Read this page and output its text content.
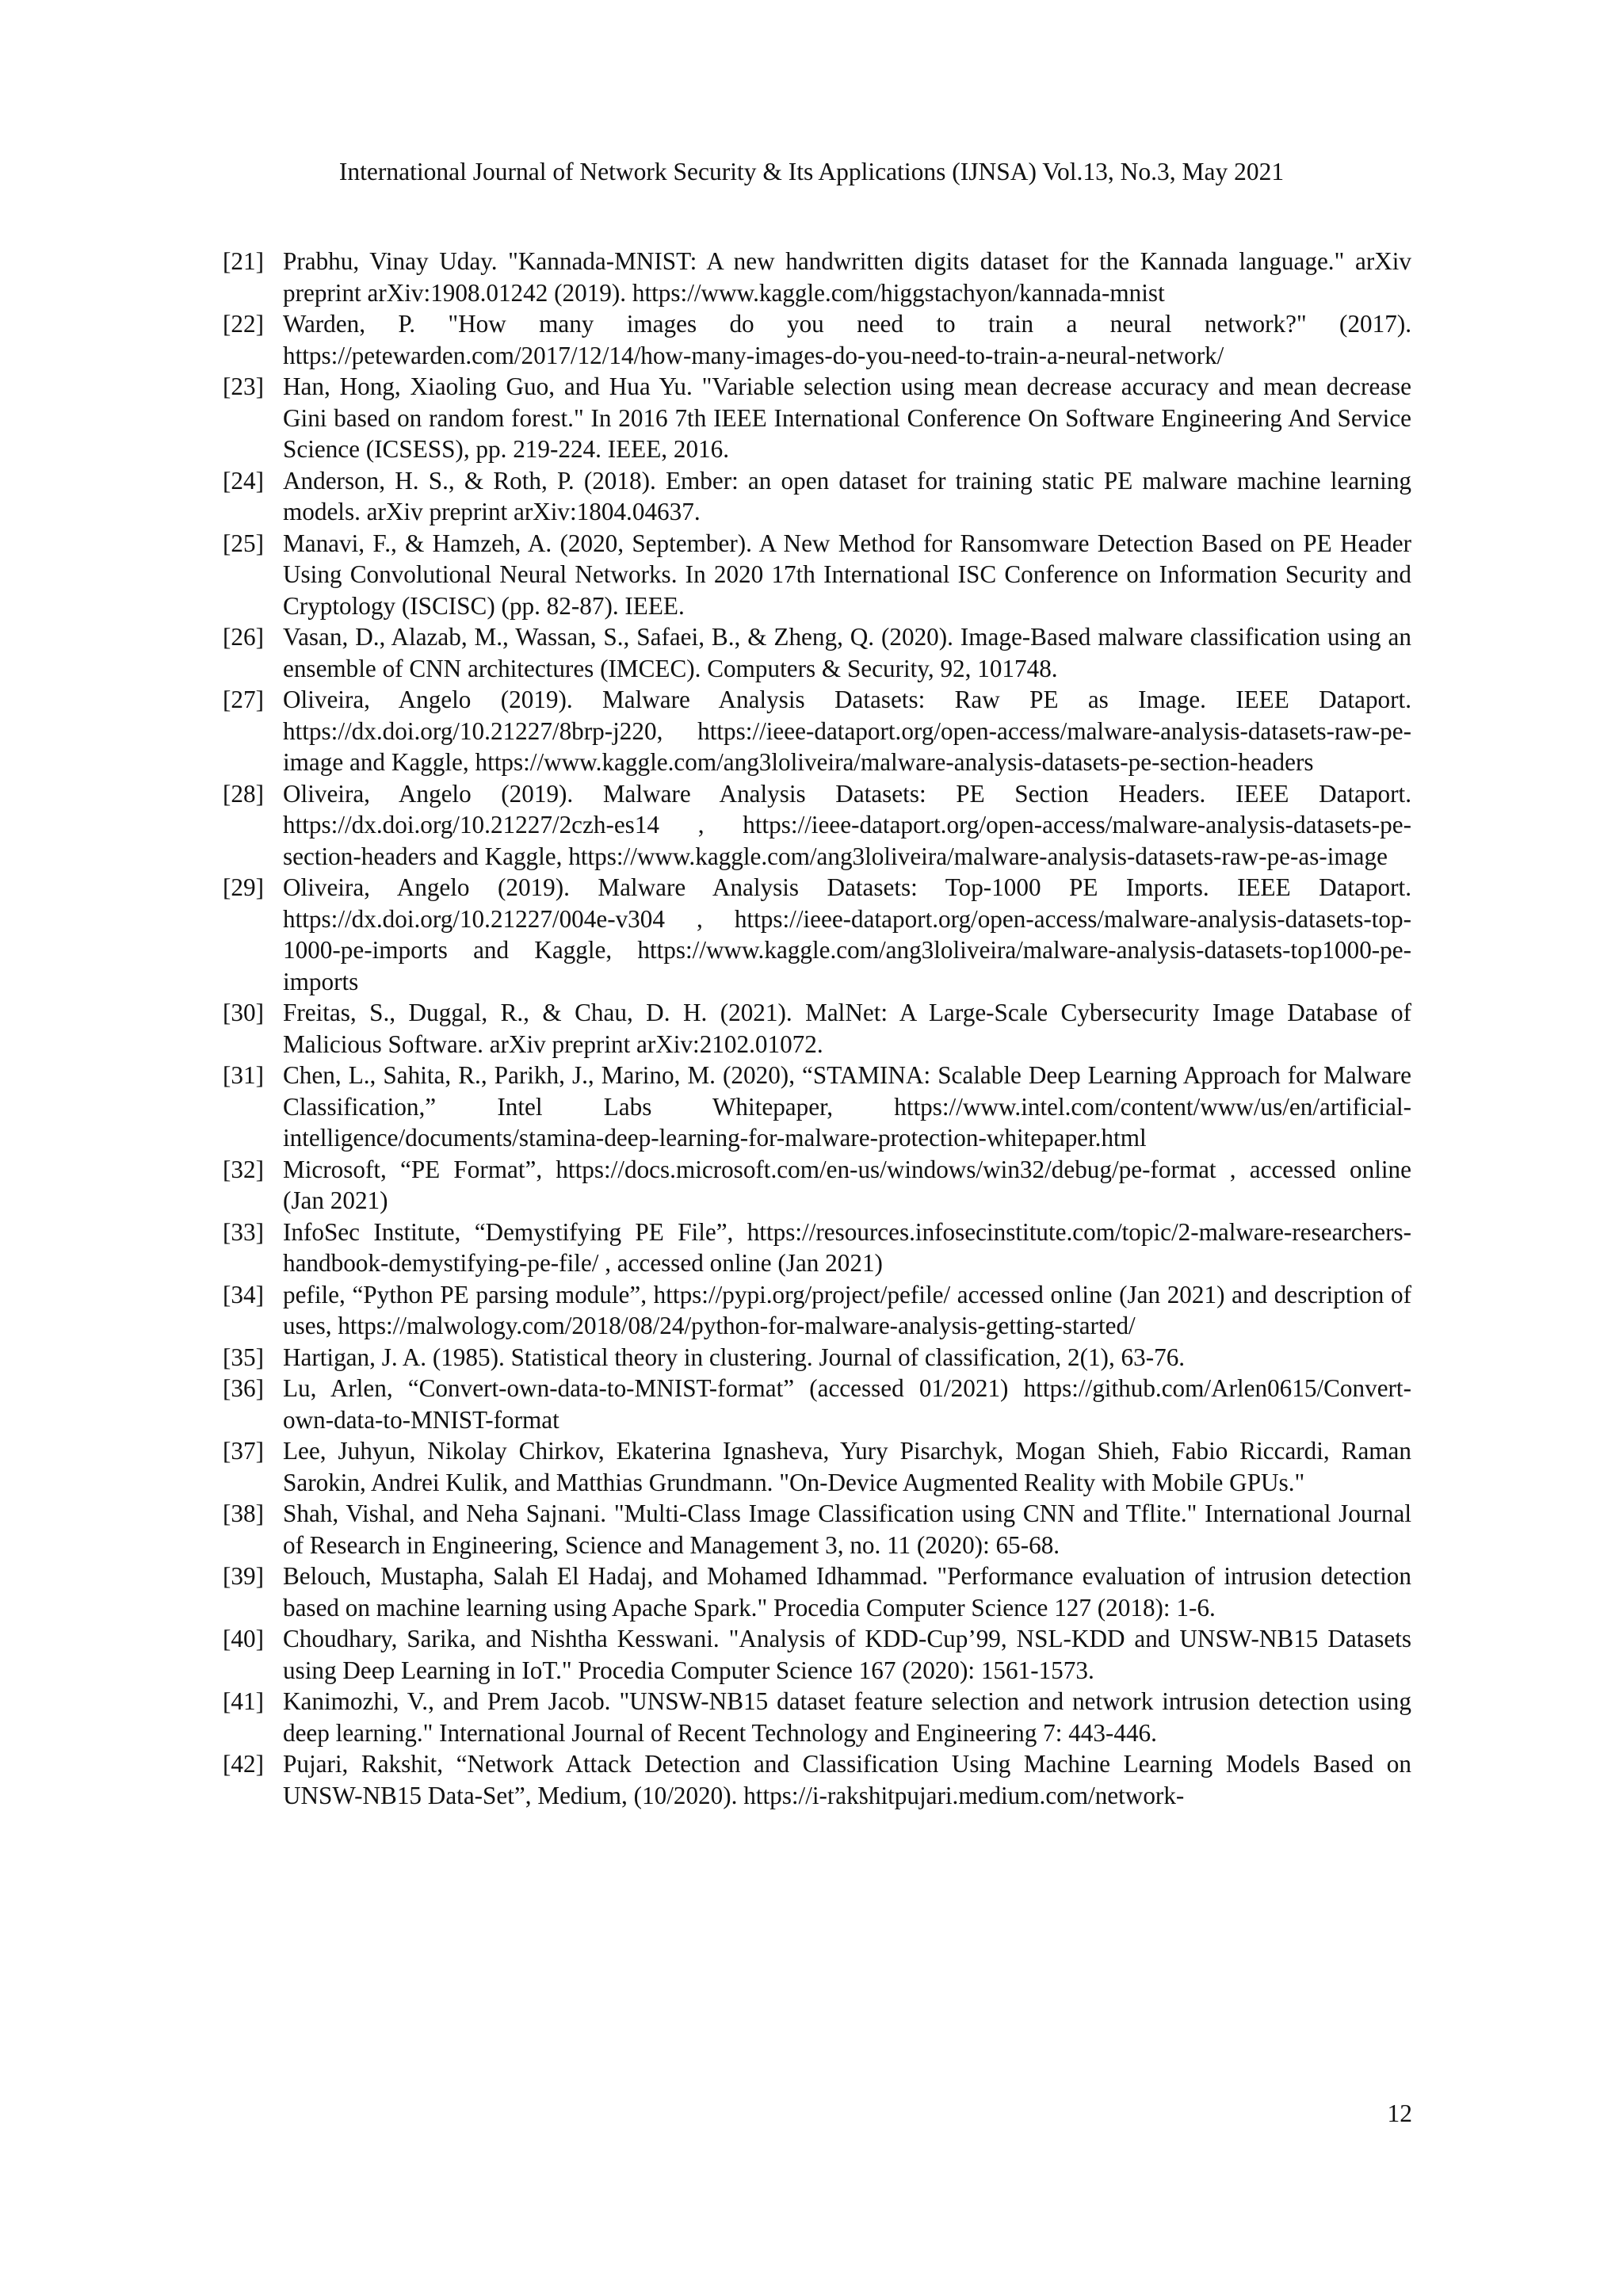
International Journal of Network Security & Its Applications (IJNSA) Vol.13, No.3, May 2021
[21] Prabhu, Vinay Uday. "Kannada-MNIST: A new handwritten digits dataset for the Kannada language." arXiv preprint arXiv:1908.01242 (2019). https://www.kaggle.com/higgstachyon/kannada-mnist
[22] Warden, P. "How many images do you need to train a neural network?" (2017). https://petewarden.com/2017/12/14/how-many-images-do-you-need-to-train-a-neural-network/
[23] Han, Hong, Xiaoling Guo, and Hua Yu. "Variable selection using mean decrease accuracy and mean decrease Gini based on random forest." In 2016 7th IEEE International Conference On Software Engineering And Service Science (ICSESS), pp. 219-224. IEEE, 2016.
[24] Anderson, H. S., & Roth, P. (2018). Ember: an open dataset for training static PE malware machine learning models. arXiv preprint arXiv:1804.04637.
[25] Manavi, F., & Hamzeh, A. (2020, September). A New Method for Ransomware Detection Based on PE Header Using Convolutional Neural Networks. In 2020 17th International ISC Conference on Information Security and Cryptology (ISCISC) (pp. 82-87). IEEE.
[26] Vasan, D., Alazab, M., Wassan, S., Safaei, B., & Zheng, Q. (2020). Image-Based malware classification using an ensemble of CNN architectures (IMCEC). Computers & Security, 92, 101748.
[27] Oliveira, Angelo (2019). Malware Analysis Datasets: Raw PE as Image. IEEE Dataport. https://dx.doi.org/10.21227/8brp-j220, https://ieee-dataport.org/open-access/malware-analysis-datasets-raw-pe-image and Kaggle, https://www.kaggle.com/ang3loliveira/malware-analysis-datasets-pe-section-headers
[28] Oliveira, Angelo (2019). Malware Analysis Datasets: PE Section Headers. IEEE Dataport. https://dx.doi.org/10.21227/2czh-es14 , https://ieee-dataport.org/open-access/malware-analysis-datasets-pe-section-headers and Kaggle, https://www.kaggle.com/ang3loliveira/malware-analysis-datasets-raw-pe-as-image
[29] Oliveira, Angelo (2019). Malware Analysis Datasets: Top-1000 PE Imports. IEEE Dataport. https://dx.doi.org/10.21227/004e-v304 , https://ieee-dataport.org/open-access/malware-analysis-datasets-top-1000-pe-imports and Kaggle, https://www.kaggle.com/ang3loliveira/malware-analysis-datasets-top1000-pe-imports
[30] Freitas, S., Duggal, R., & Chau, D. H. (2021). MalNet: A Large-Scale Cybersecurity Image Database of Malicious Software. arXiv preprint arXiv:2102.01072.
[31] Chen, L., Sahita, R., Parikh, J., Marino, M. (2020), “STAMINA: Scalable Deep Learning Approach for Malware Classification,” Intel Labs Whitepaper, https://www.intel.com/content/www/us/en/artificial-intelligence/documents/stamina-deep-learning-for-malware-protection-whitepaper.html
[32] Microsoft, “PE Format”, https://docs.microsoft.com/en-us/windows/win32/debug/pe-format , accessed online (Jan 2021)
[33] InfoSec Institute, “Demystifying PE File”, https://resources.infosecinstitute.com/topic/2-malware-researchers-handbook-demystifying-pe-file/ , accessed online (Jan 2021)
[34] pefile, “Python PE parsing module”, https://pypi.org/project/pefile/ accessed online (Jan 2021) and description of uses, https://malwology.com/2018/08/24/python-for-malware-analysis-getting-started/
[35] Hartigan, J. A. (1985). Statistical theory in clustering. Journal of classification, 2(1), 63-76.
[36] Lu, Arlen, “Convert-own-data-to-MNIST-format” (accessed 01/2021) https://github.com/Arlen0615/Convert-own-data-to-MNIST-format
[37] Lee, Juhyun, Nikolay Chirkov, Ekaterina Ignasheva, Yury Pisarchyk, Mogan Shieh, Fabio Riccardi, Raman Sarokin, Andrei Kulik, and Matthias Grundmann. "On-Device Augmented Reality with Mobile GPUs."
[38] Shah, Vishal, and Neha Sajnani. "Multi-Class Image Classification using CNN and Tflite." International Journal of Research in Engineering, Science and Management 3, no. 11 (2020): 65-68.
[39] Belouch, Mustapha, Salah El Hadaj, and Mohamed Idhammad. "Performance evaluation of intrusion detection based on machine learning using Apache Spark." Procedia Computer Science 127 (2018): 1-6.
[40] Choudhary, Sarika, and Nishtha Kesswani. "Analysis of KDD-Cup’99, NSL-KDD and UNSW-NB15 Datasets using Deep Learning in IoT." Procedia Computer Science 167 (2020): 1561-1573.
[41] Kanimozhi, V., and Prem Jacob. "UNSW-NB15 dataset feature selection and network intrusion detection using deep learning." International Journal of Recent Technology and Engineering 7: 443-446.
[42] Pujari, Rakshit, “Network Attack Detection and Classification Using Machine Learning Models Based on UNSW-NB15 Data-Set”, Medium, (10/2020). https://i-rakshitpujari.medium.com/network-
12
